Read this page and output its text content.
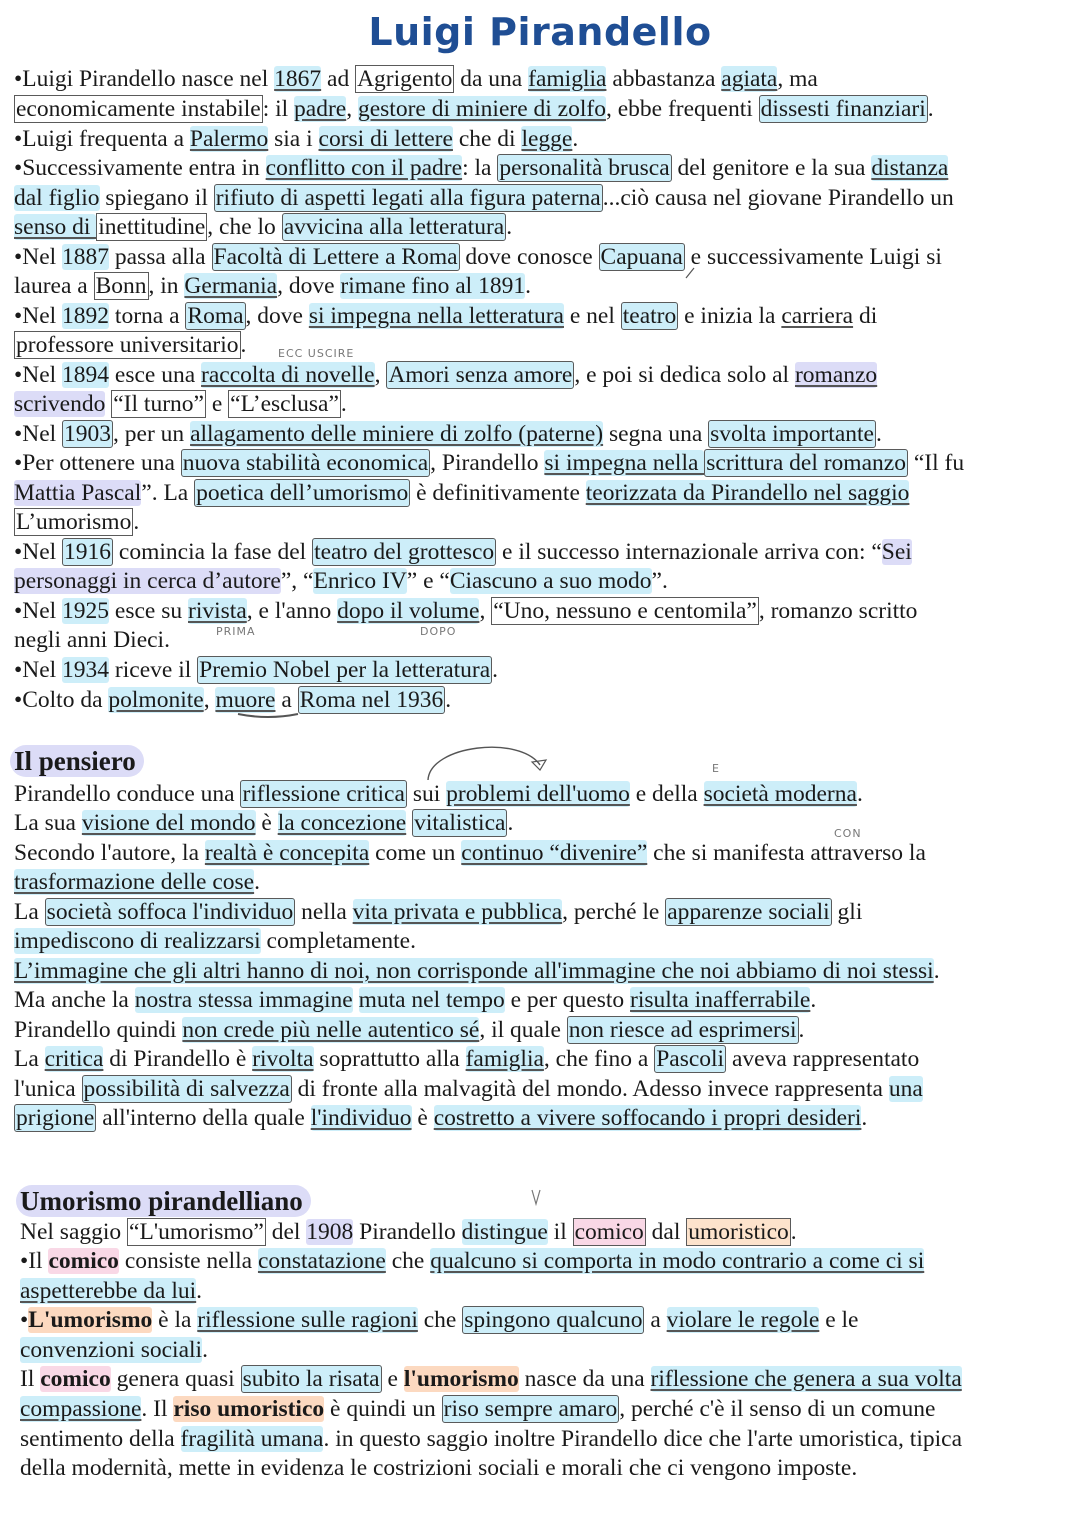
Luigi Pirandello

•Luigi Pirandello nasce nel 1867 ad Agrigento da una famiglia abbastanza agiata, ma

economicamente instabile: il padre, gestore di miniere di zolfo, ebbe frequenti dissesti finanziari.

•Luigi frequenta a Palermo sia i corsi di lettere che di legge.

•Successivamente entra in conflitto con il padre: la personalità brusca del genitore e la sua distanza

dal figlio spiegano il rifiuto di aspetti legati alla figura paterna...ciò causa nel giovane Pirandello un

senso di inettitudine, che lo avvicina alla letteratura.

•Nel 1887 passa alla Facoltà di Lettere a Roma dove conosce Capuana e successivamente Luigi si

laurea a Bonn, in Germania, dove rimane fino al 1891.

•Nel 1892 torna a Roma, dove si impegna nella letteratura e nel teatro e inizia la carriera di

professore universitario.

•Nel 1894 esce una raccolta di novelle, Amori senza amore, e poi si dedica solo al romanzo

scrivendo “Il turno” e “L’esclusa”.

•Nel 1903, per un allagamento delle miniere di zolfo (paterne) segna una svolta importante.

•Per ottenere una nuova stabilità economica, Pirandello si impegna nella scrittura del romanzo “Il fu

Mattia Pascal”. La poetica dell’umorismo è definitivamente teorizzata da Pirandello nel saggio

L’umorismo.

•Nel 1916 comincia la fase del teatro del grottesco e il successo internazionale arriva con: “Sei

personaggi in cerca d’autore”, “Enrico IV” e “Ciascuno a suo modo”.

•Nel 1925 esce su rivista, e l'anno dopo il volume, “Uno, nessuno e centomila”, romanzo scritto

negli anni Dieci.

•Nel 1934 riceve il Premio Nobel per la letteratura.

•Colto da polmonite, muore a Roma nel 1936.

Il pensiero

Pirandello conduce una riflessione critica sui problemi dell'uomo e della società moderna.

La sua visione del mondo è la concezione vitalistica.

Secondo l'autore, la realtà è concepita come un continuo “divenire” che si manifesta attraverso la

trasformazione delle cose.

La società soffoca l'individuo nella vita privata e pubblica, perché le apparenze sociali gli

impediscono di realizzarsi completamente.

L’immagine che gli altri hanno di noi, non corrisponde all'immagine che noi abbiamo di noi stessi.

Ma anche la nostra stessa immagine muta nel tempo e per questo risulta inafferrabile.

Pirandello quindi non crede più nelle autentico sé, il quale non riesce ad esprimersi.

La critica di Pirandello è rivolta soprattutto alla famiglia, che fino a Pascoli aveva rappresentato

l'unica possibilità di salvezza di fronte alla malvagità del mondo. Adesso invece rappresenta una

prigione all'interno della quale l'individuo è costretto a vivere soffocando i propri desideri.

Umorismo pirandelliano

Nel saggio “L'umorismo” del 1908 Pirandello distingue il comico dal umoristico.

•Il comico consiste nella constatazione che qualcuno si comporta in modo contrario a come ci si

aspetterebbe da lui.

•L'umorismo è la riflessione sulle ragioni che spingono qualcuno a violare le regole e le

convenzioni sociali.

Il comico genera quasi subito la risata e l'umorismo nasce da una riflessione che genera a sua volta

compassione. Il riso umoristico è quindi un riso sempre amaro, perché c'è il senso di un comune

sentimento della fragilità umana. in questo saggio inoltre Pirandello dice che l'arte umoristica, tipica

della modernità, mette in evidenza le costrizioni sociali e morali che ci vengono imposte.

ECC USCIRE
PRIMA	DOPO
E
CON
